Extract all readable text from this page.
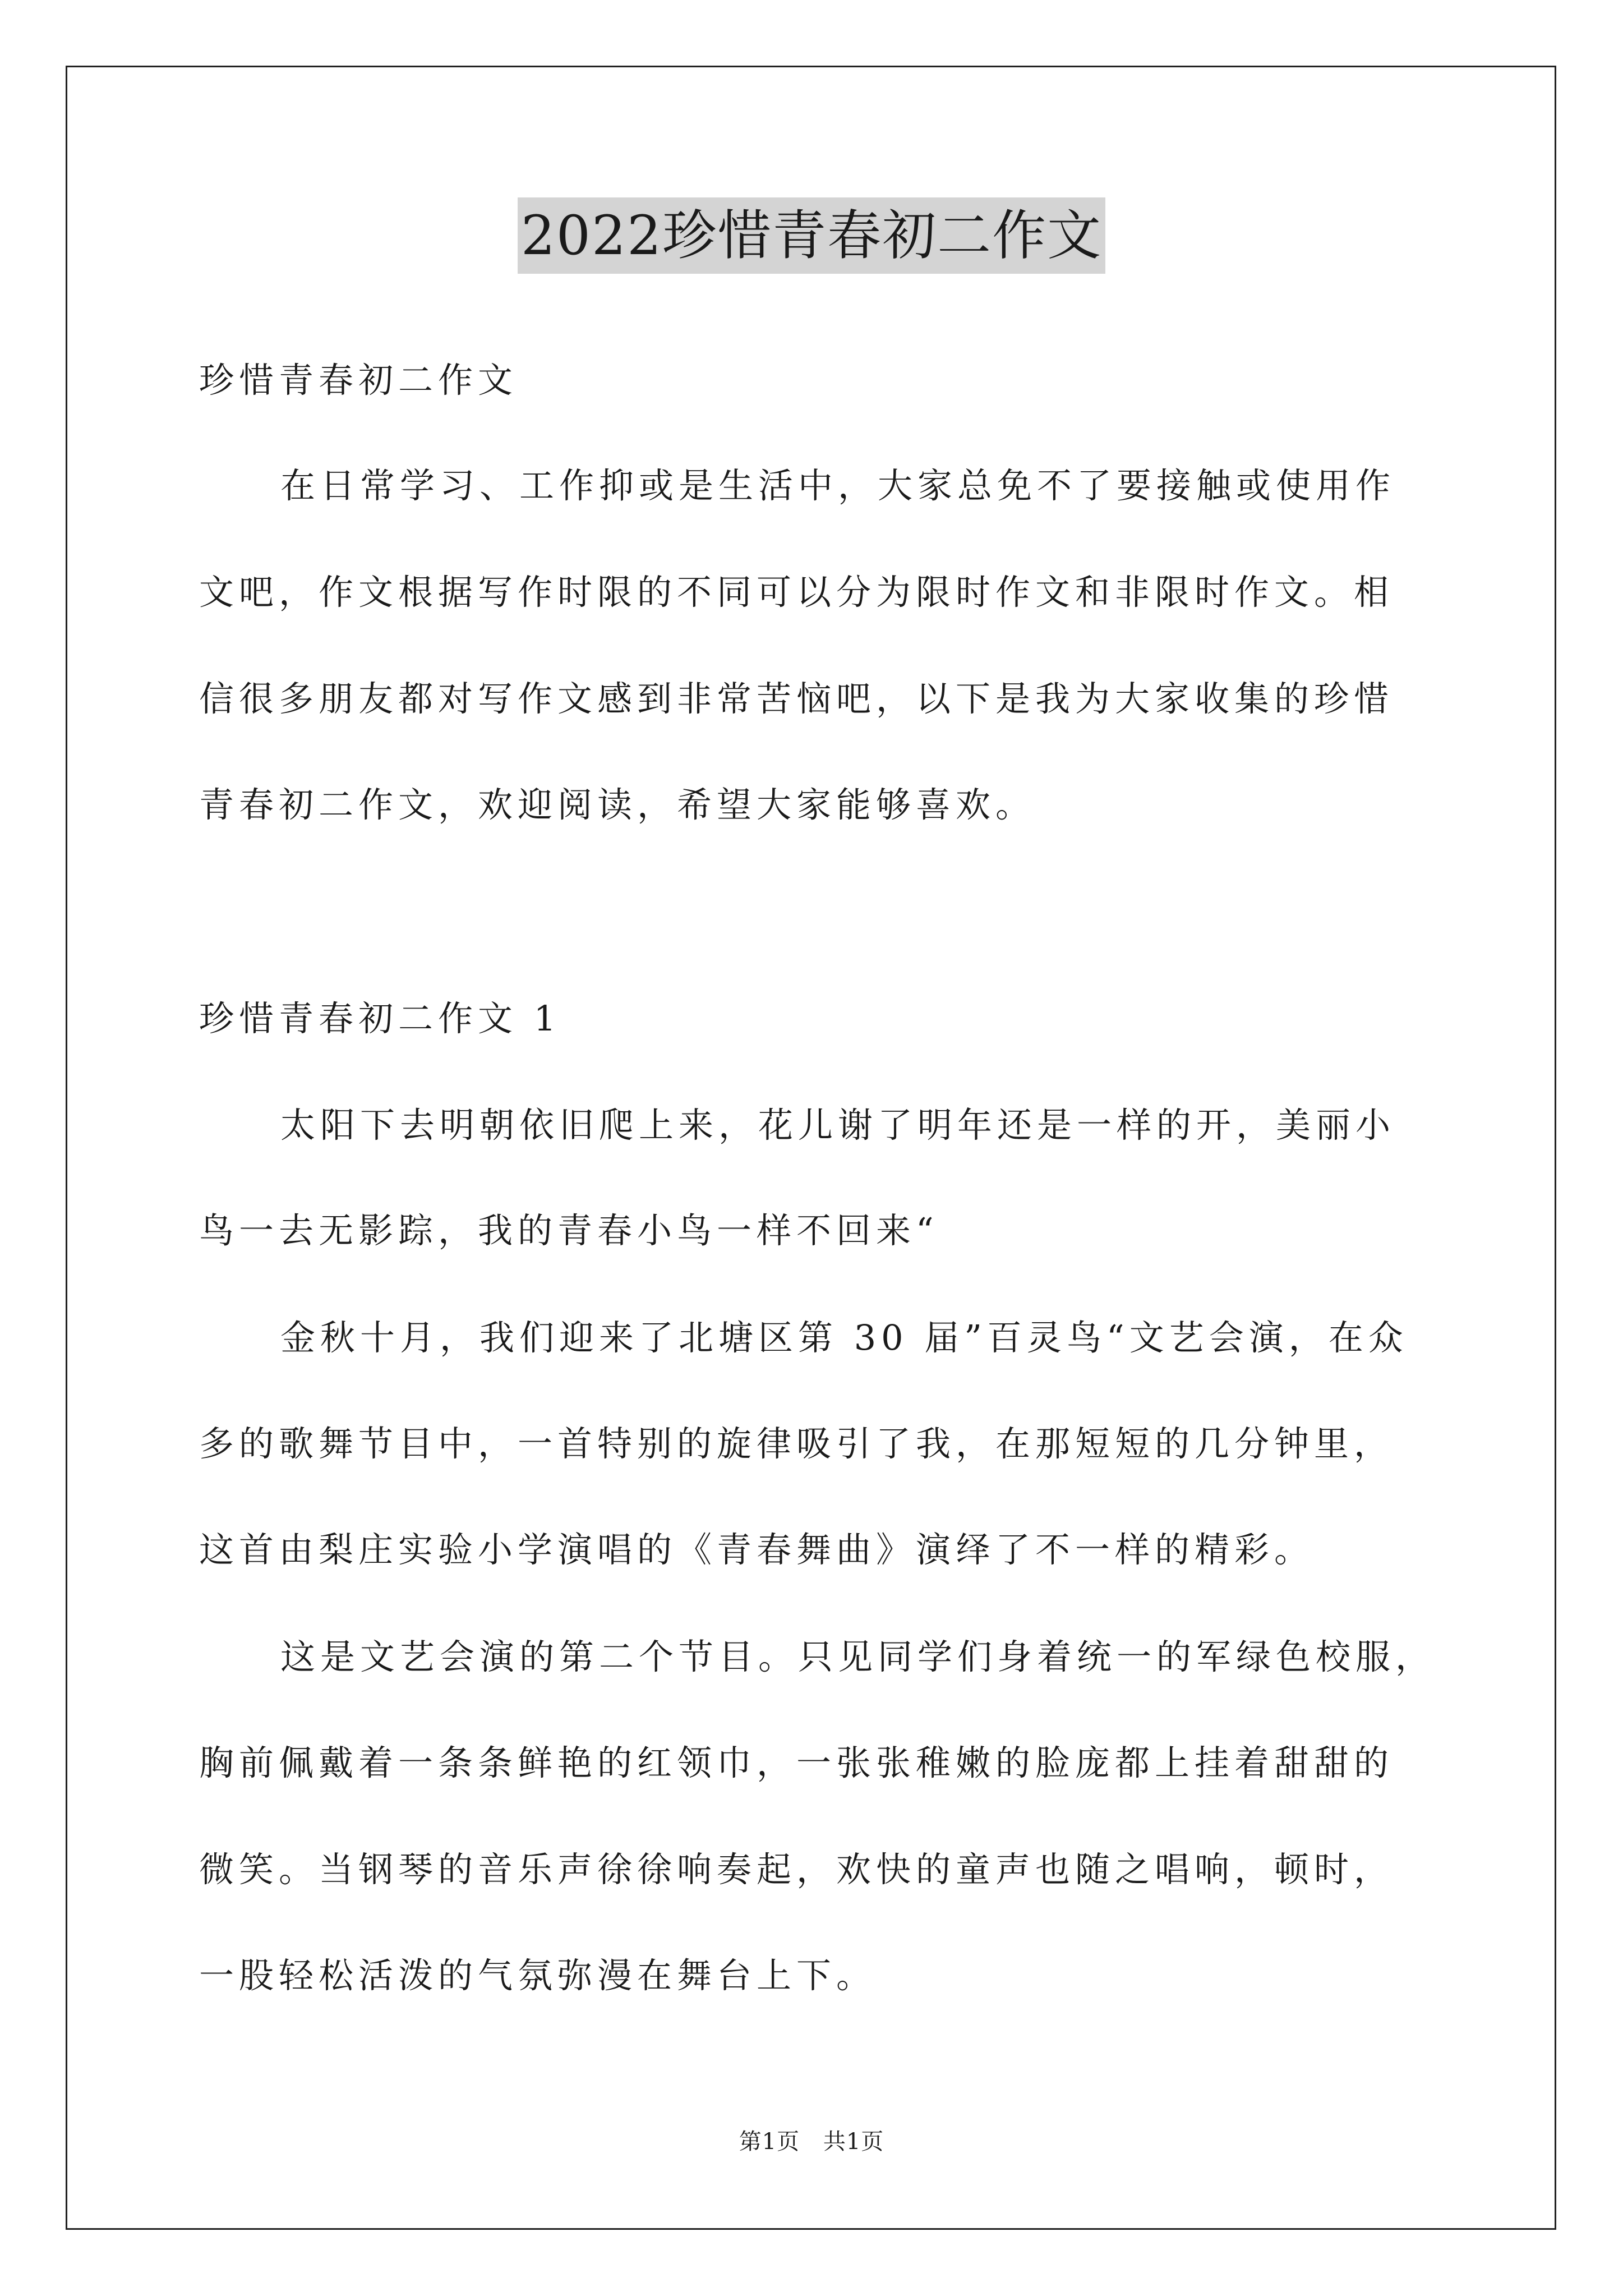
2022珍惜青春初二作文

珍惜青春初二作文

在日常学习、工作抑或是生活中，大家总免不了要接触或使用作

文吧，作文根据写作时限的不同可以分为限时作文和非限时作文。相

信很多朋友都对写作文感到非常苦恼吧，以下是我为大家收集的珍惜

青春初二作文，欢迎阅读，希望大家能够喜欢。

珍惜青春初二作文 1

太阳下去明朝依旧爬上来，花儿谢了明年还是一样的开，美丽小

鸟一去无影踪，我的青春小鸟一样不回来“

金秋十月，我们迎来了北塘区第 30 届”百灵鸟“文艺会演，在众

多的歌舞节目中，一首特别的旋律吸引了我，在那短短的几分钟里，

这首由梨庄实验小学演唱的《青春舞曲》演绎了不一样的精彩。

这是文艺会演的第二个节目。只见同学们身着统一的军绿色校服，

胸前佩戴着一条条鲜艳的红领巾，一张张稚嫩的脸庞都上挂着甜甜的

微笑。当钢琴的音乐声徐徐响奏起，欢快的童声也随之唱响，顿时，

一股轻松活泼的气氛弥漫在舞台上下。

第1页 共1页
